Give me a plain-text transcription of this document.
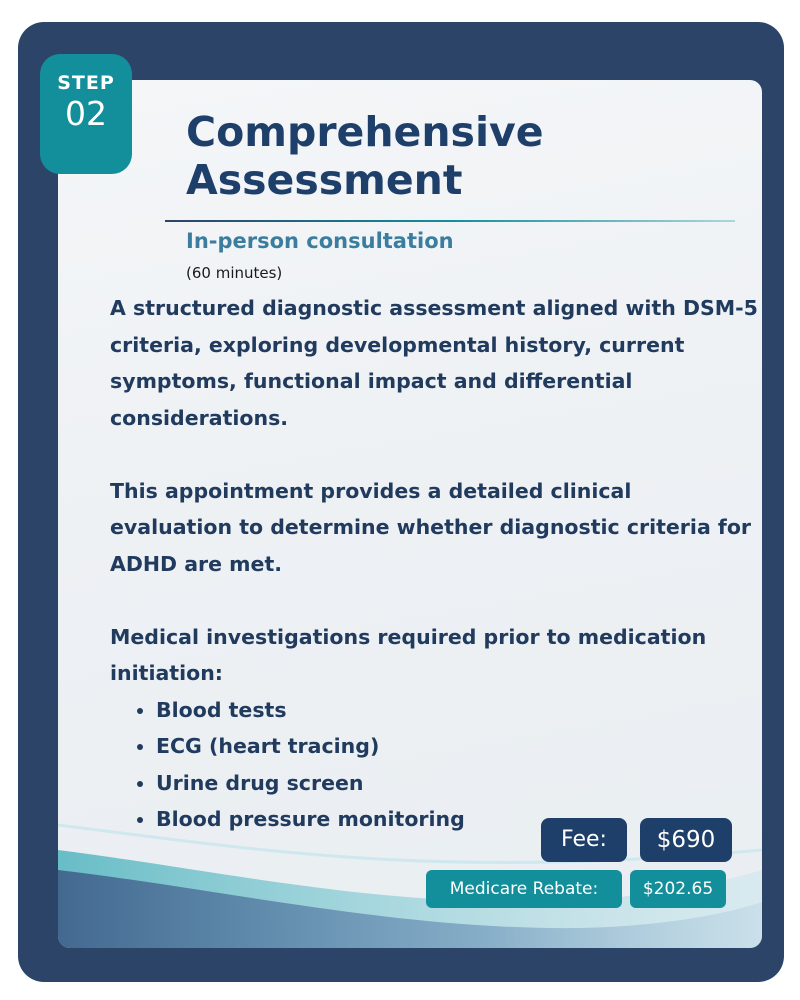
STEP
02	Comprehensive Assessment
In-person consultation
(60 minutes)

A structured diagnostic assessment aligned with DSM-5 criteria, exploring developmental history, current symptoms, functional impact and differential considerations.

This appointment provides a detailed clinical evaluation to determine whether diagnostic criteria for ADHD are met.

Medical investigations required prior to medication initiation:

• Blood tests
• ECG (heart tracing)
• Urine drug screen
• Blood pressure monitoring
Fee:	$690
Medicare Rebate:	$202.65
